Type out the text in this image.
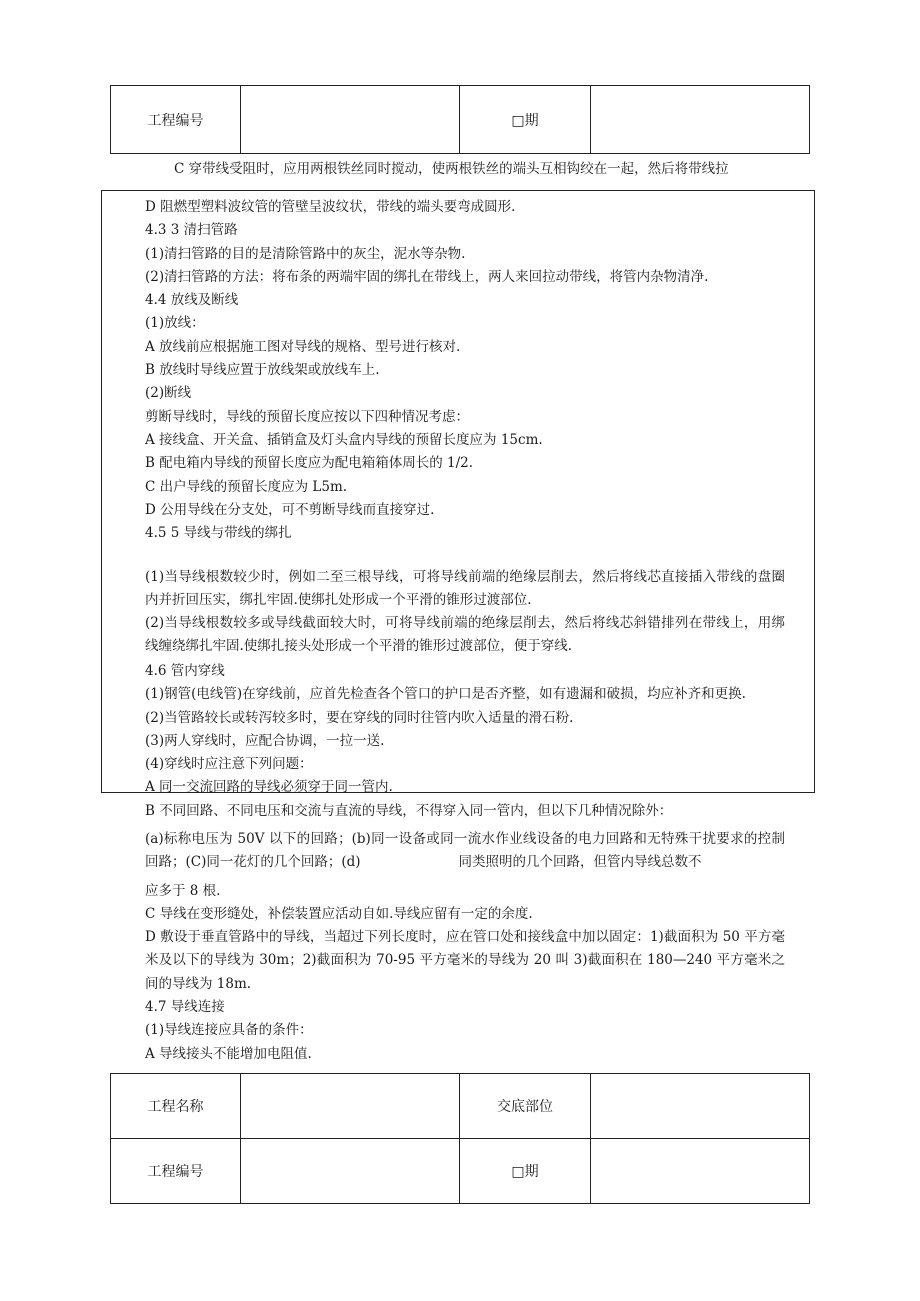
工程编号		□期	
C 穿带线受阻时，应用两根铁丝同时搅动，使两根铁丝的端头互相钩绞在一起，然后将带线拉
D 阻燃型塑料波纹管的管壁呈波纹状，带线的端头要弯成圆形.
4.3 3 清扫管路
(1)清扫管路的目的是清除管路中的灰尘，泥水等杂物.
(2)清扫管路的方法：将布条的两端牢固的绑扎在带线上，两人来回拉动带线，将管内杂物清净.
4.4 放线及断线
(1)放线：
A 放线前应根据施工图对导线的规格、型号进行核对.
B 放线时导线应置于放线架或放线车上.
(2)断线
剪断导线时，导线的预留长度应按以下四种情况考虑：
A 接线盒、开关盒、插销盒及灯头盒内导线的预留长度应为 15cm.
B 配电箱内导线的预留长度应为配电箱箱体周长的 1/2.
C 出户导线的预留长度应为 L5m.
D 公用导线在分支处，可不剪断导线而直接穿过.
4.5 5 导线与带线的绑扎
(1)当导线根数较少时，例如二至三根导线，可将导线前端的绝缘层削去，然后将线芯直接插入带线的盘圈内并折回压实，绑扎牢固.使绑扎处形成一个平滑的锥形过渡部位.
(2)当导线根数较多或导线截面较大时，可将导线前端的绝缘层削去，然后将线芯斜错排列在带线上，用绑线缠绕绑扎牢固.使绑扎接头处形成一个平滑的锥形过渡部位，便于穿线.
4.6 管内穿线
(1)钢管(电线管)在穿线前，应首先检查各个管口的护口是否齐整，如有遗漏和破损，均应补齐和更换.
(2)当管路较长或转泻较多时，要在穿线的同时往管内吹入适量的滑石粉.
(3)两人穿线时，应配合协调，一拉一送.
(4)穿线时应注意下列问题：
A 同一交流回路的导线必须穿于同一管内.
B 不同回路、不同电压和交流与直流的导线，不得穿入同一管内，但以下几种情况除外：
(a)标称电压为 50V 以下的回路；(b)同一设备或同一流水作业线设备的电力回路和无特殊干扰要求的控制回路；(C)同一花灯的几个回路；(d)	同类照明的几个回路，但管内导线总数不
应多于 8 根.
C 导线在变形缝处，补偿装置应活动自如.导线应留有一定的余度.
D 敷设于垂直管路中的导线，当超过下列长度时，应在管口处和接线盒中加以固定：1)截面积为 50 平方毫米及以下的导线为 30m；2)截面积为 70-95 平方毫米的导线为 20 叫 3)截面积在 180—240 平方毫米之间的导线为 18m.
4.7 导线连接
(1)导线连接应具备的条件：
A 导线接头不能增加电阻值.
工程名称		交底部位	
工程编号		□期	
